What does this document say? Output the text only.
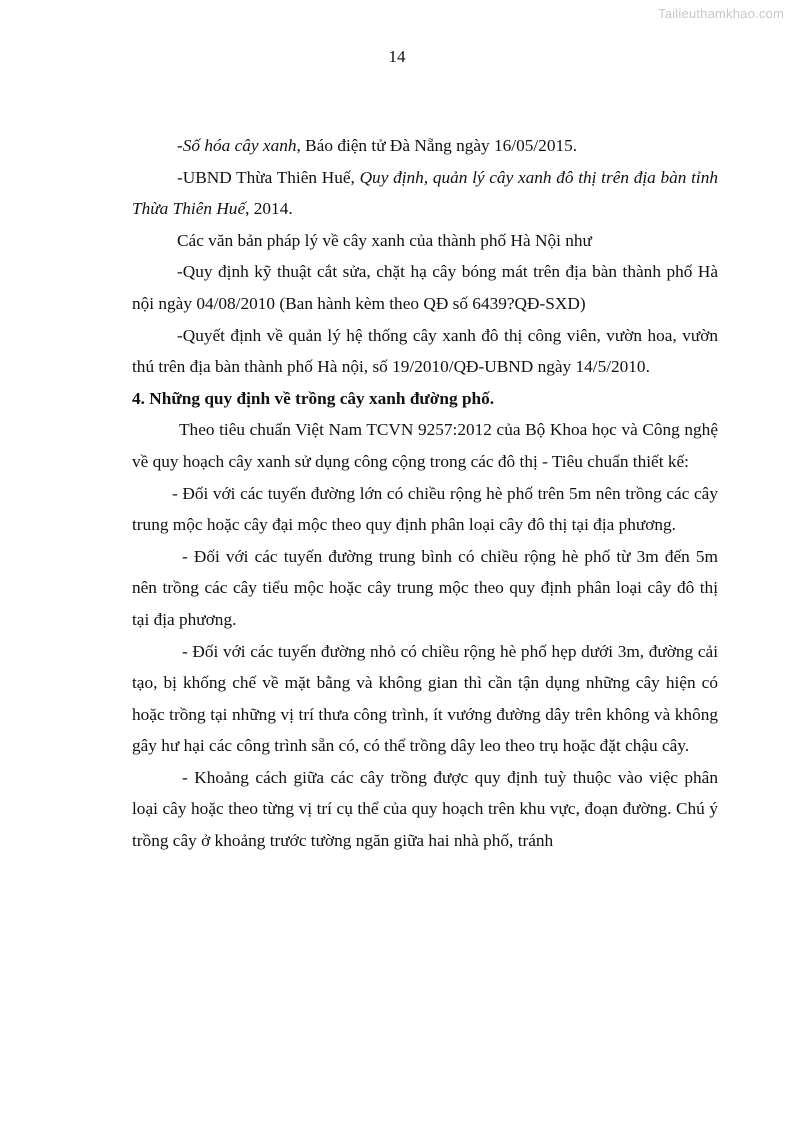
Tailieuthamkhao.com
14

-Số hóa cây xanh, Báo điện tử Đà Nẵng ngày 16/05/2015.

-UBND Thừa Thiên Huế, Quy định, quản lý cây xanh đô thị trên địa bàn tỉnh Thừa Thiên Huế, 2014.

Các văn bản pháp lý về cây xanh của thành phố Hà Nội như

-Quy định kỹ thuật cắt sửa, chặt hạ cây bóng mát trên địa bàn thành phố Hà nội ngày 04/08/2010 (Ban hành kèm theo QĐ số 6439?QĐ-SXD)

-Quyết định về quản lý hệ thống cây xanh đô thị công viên, vườn hoa, vườn thú trên địa bàn thành phố Hà nội, số 19/2010/QĐ-UBND ngày 14/5/2010.

4. Những quy định về trồng cây xanh đường phố.

Theo tiêu chuẩn Việt Nam TCVN 9257:2012 của Bộ Khoa học và Công nghệ về quy hoạch cây xanh sử dụng công cộng trong các đô thị - Tiêu chuẩn thiết kế:

- Đối với các tuyến đường lớn có chiều rộng hè phố trên 5m nên trồng các cây trung mộc hoặc cây đại mộc theo quy định phân loại cây đô thị tại địa phương.

- Đối với các tuyến đường trung bình có chiều rộng hè phố từ 3m đến 5m nên trồng các cây tiểu mộc hoặc cây trung mộc theo quy định phân loại cây đô thị tại địa phương.

- Đối với các tuyến đường nhỏ có chiều rộng hè phố hẹp dưới 3m, đường cải tạo, bị khống chế về mặt bằng và không gian thì cần tận dụng những cây hiện có hoặc trồng tại những vị trí thưa công trình, ít vướng đường dây trên không và không gây hư hại các công trình sẵn có, có thể trồng dây leo theo trụ hoặc đặt chậu cây.

- Khoảng cách giữa các cây trồng được quy định tuỳ thuộc vào việc phân loại cây hoặc theo từng vị trí cụ thể của quy hoạch trên khu vực, đoạn đường. Chú ý trồng cây ở khoảng trước tường ngăn giữa hai nhà phố, tránh
